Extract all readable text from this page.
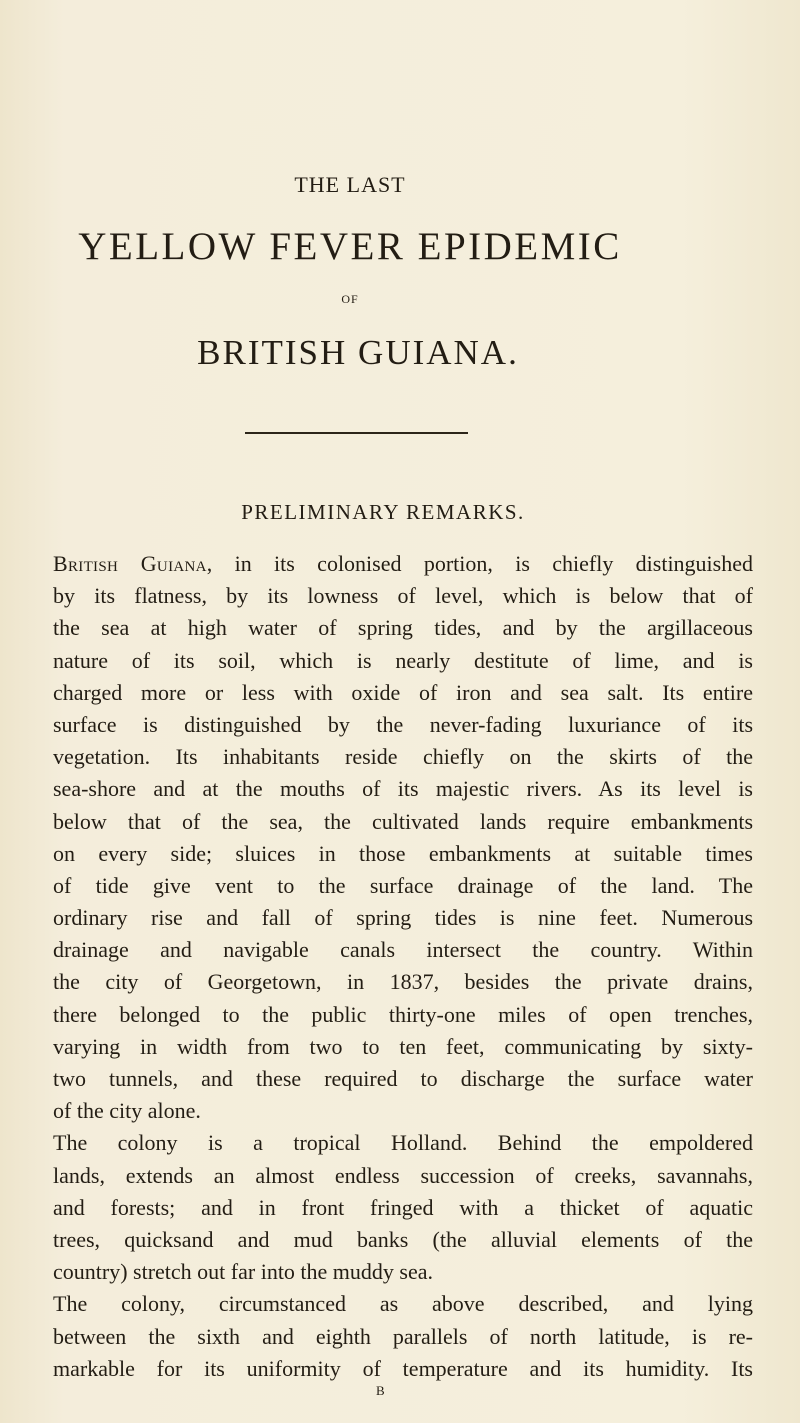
THE LAST
YELLOW FEVER EPIDEMIC
OF
BRITISH GUIANA.
PRELIMINARY REMARKS.
British Guiana, in its colonised portion, is chiefly distinguished
by its flatness, by its lowness of level, which is below that of
the sea at high water of spring tides, and by the argillaceous
nature of its soil, which is nearly destitute of lime, and is
charged more or less with oxide of iron and sea salt. Its entire
surface is distinguished by the never-fading luxuriance of its
vegetation. Its inhabitants reside chiefly on the skirts of the
sea-shore and at the mouths of its majestic rivers. As its level is
below that of the sea, the cultivated lands require embankments
on every side; sluices in those embankments at suitable times
of tide give vent to the surface drainage of the land. The
ordinary rise and fall of spring tides is nine feet. Numerous
drainage and navigable canals intersect the country. Within
the city of Georgetown, in 1837, besides the private drains,
there belonged to the public thirty-one miles of open trenches,
varying in width from two to ten feet, communicating by sixty-
two tunnels, and these required to discharge the surface water
of the city alone.
The colony is a tropical Holland. Behind the empoldered
lands, extends an almost endless succession of creeks, savannahs,
and forests; and in front fringed with a thicket of aquatic
trees, quicksand and mud banks (the alluvial elements of the
country) stretch out far into the muddy sea.
The colony, circumstanced as above described, and lying
between the sixth and eighth parallels of north latitude, is re-
markable for its uniformity of temperature and its humidity. Its
B
